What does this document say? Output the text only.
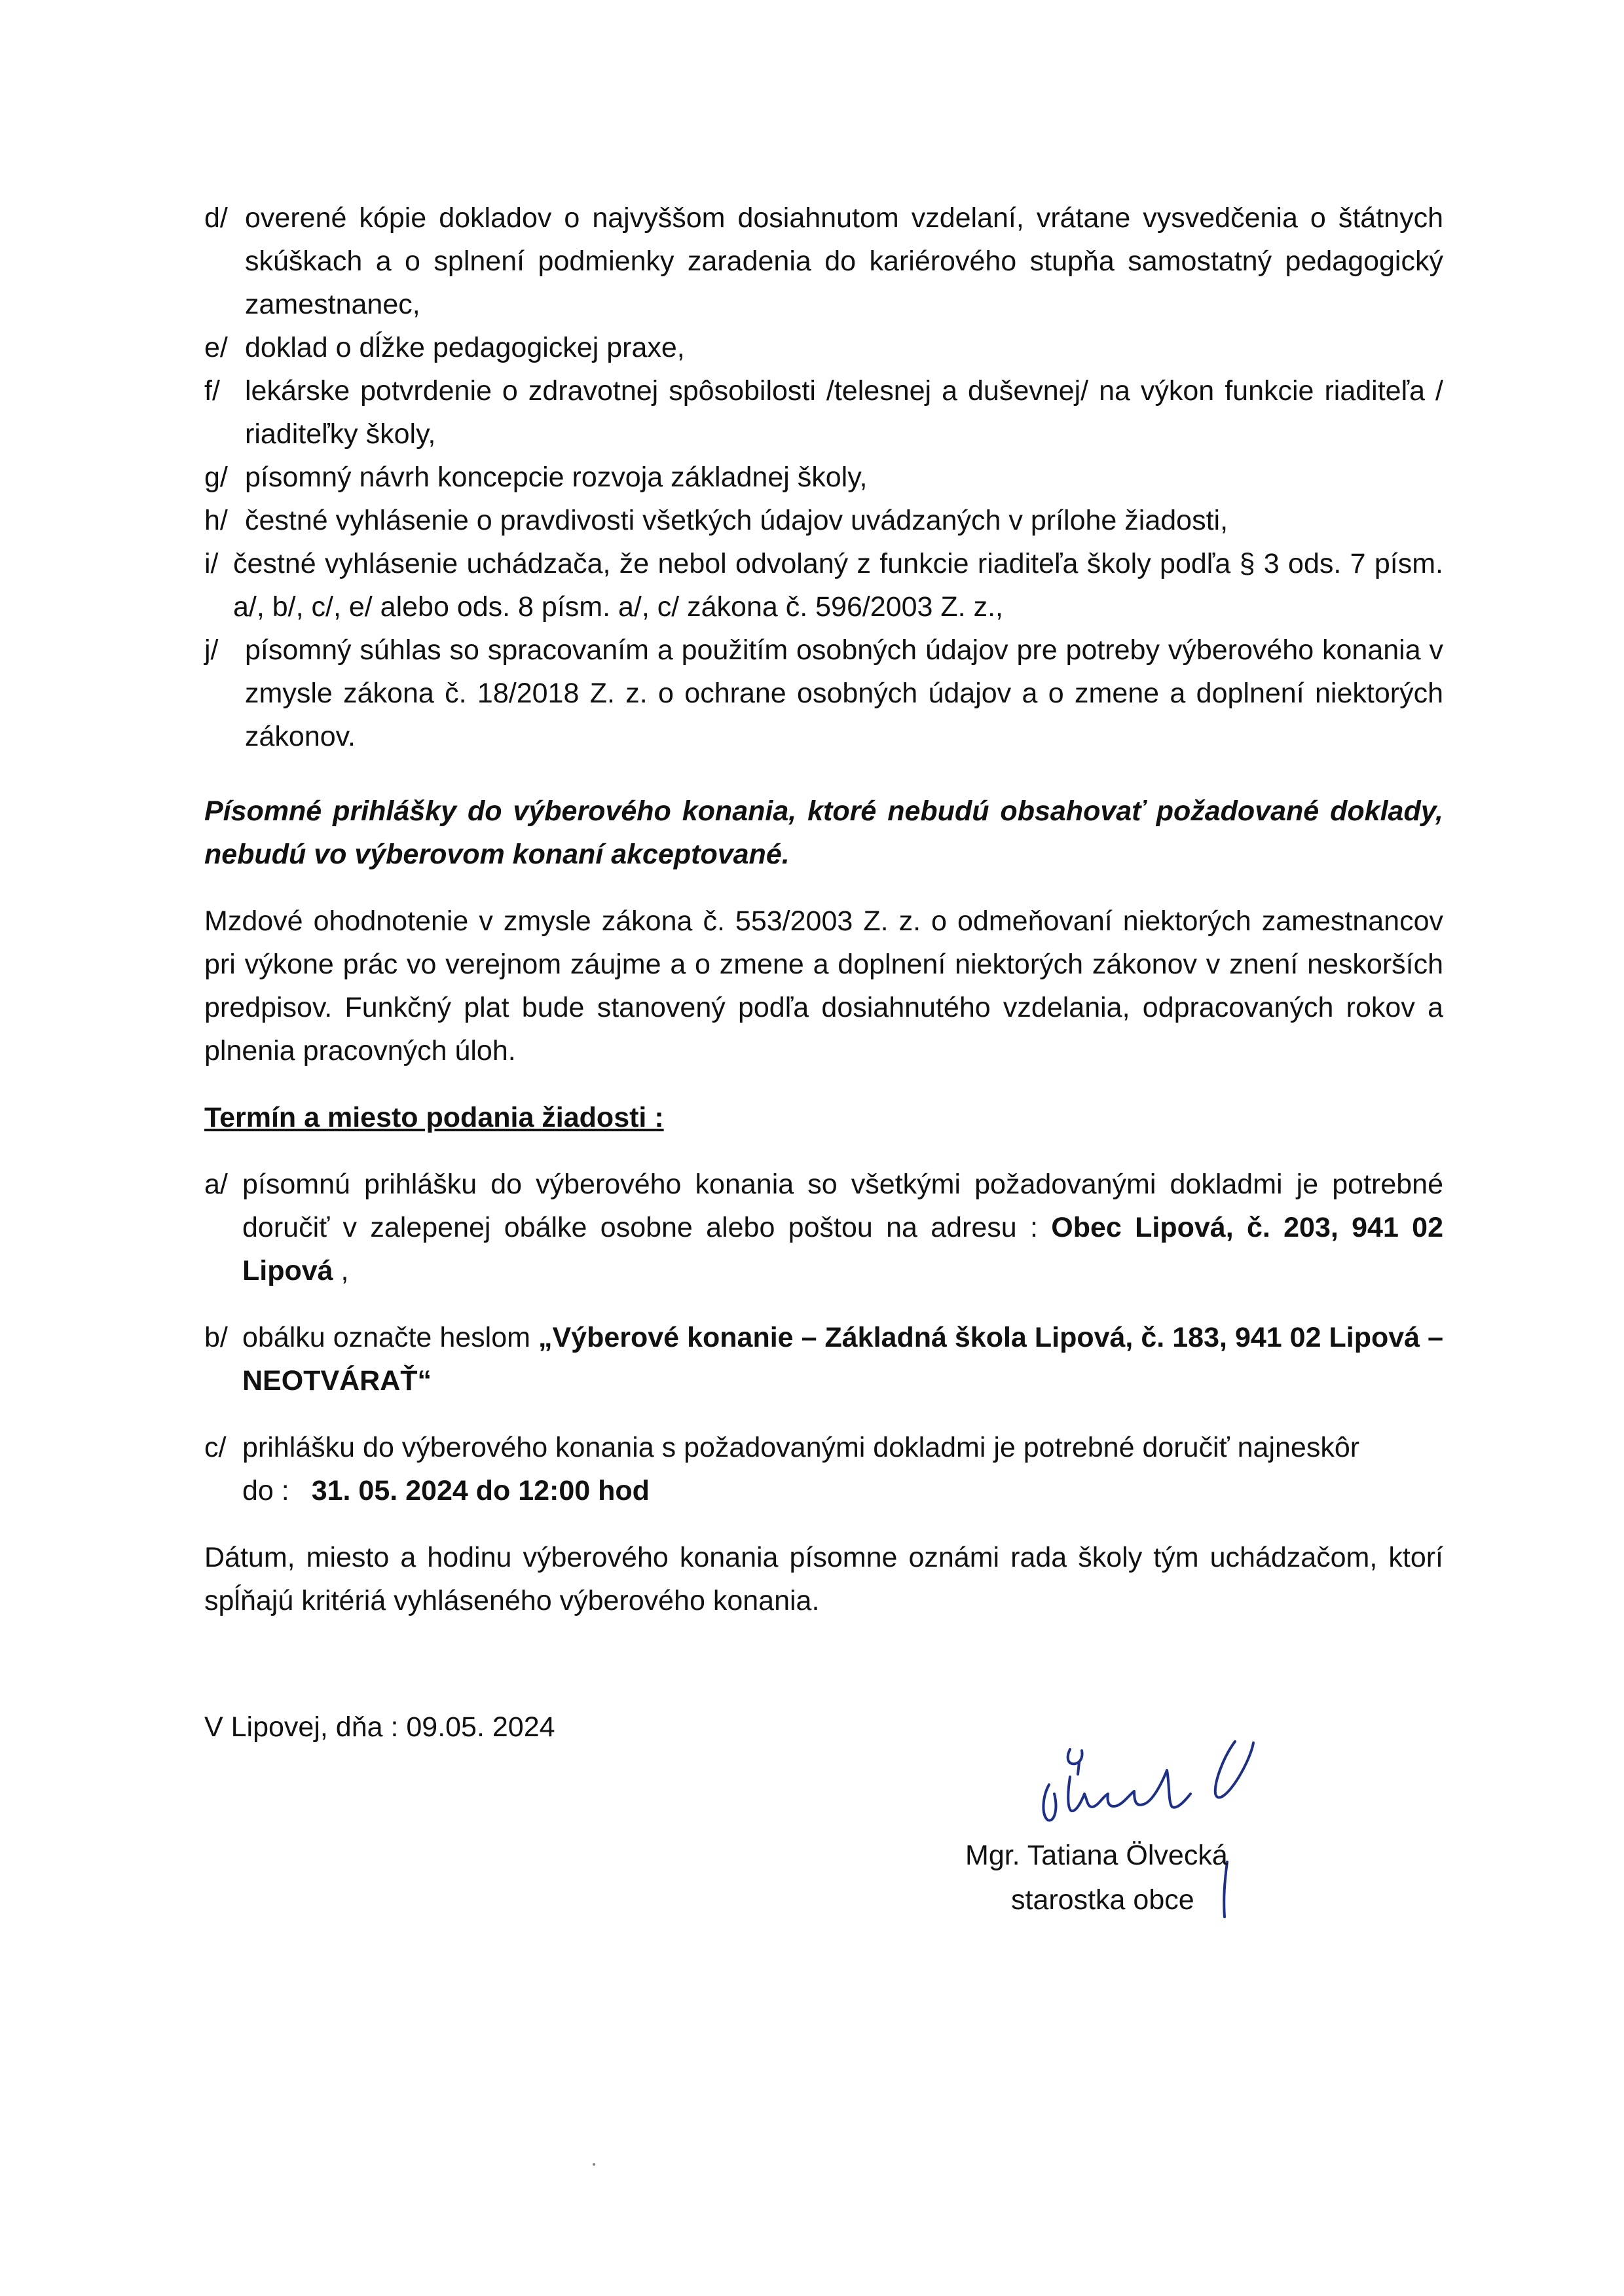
d/ overené kópie dokladov o najvyššom dosiahnutom vzdelaní, vrátane vysvedčenia o štátnych skúškach a o splnení podmienky zaradenia do kariérového stupňa samostatný pedagogický zamestnanec,
e/ doklad o dĺžke pedagogickej praxe,
f/ lekárske potvrdenie o zdravotnej spôsobilosti /telesnej a duševnej/ na výkon funkcie riaditeľa / riaditeľky školy,
g/ písomný návrh koncepcie rozvoja základnej školy,
h/ čestné vyhlásenie o pravdivosti všetkých údajov uvádzaných v prílohe žiadosti,
i/ čestné vyhlásenie uchádzača, že nebol odvolaný z funkcie riaditeľa školy podľa § 3 ods. 7 písm. a/, b/, c/, e/ alebo ods. 8 písm. a/, c/ zákona č. 596/2003 Z. z.,
j/ písomný súhlas so spracovaním a použitím osobných údajov pre potreby výberového konania v zmysle zákona č. 18/2018 Z. z. o ochrane osobných údajov a o zmene a doplnení niektorých zákonov.
Písomné prihlášky do výberového konania, ktoré nebudú obsahovať požadované doklady, nebudú vo výberovom konaní akceptované.
Mzdové ohodnotenie v zmysle zákona č. 553/2003 Z. z. o odmeňovaní niektorých zamestnancov pri výkone prác vo verejnom záujme a o zmene a doplnení niektorých zákonov v znení neskorších predpisov. Funkčný plat bude stanovený podľa dosiahnutého vzdelania, odpracovaných rokov a plnenia pracovných úloh.
Termín a miesto podania žiadosti :
a/ písomnú prihlášku do výberového konania so všetkými požadovanými dokladmi je potrebné doručiť v zalepenej obálke osobne alebo poštou na adresu : Obec Lipová, č. 203, 941 02 Lipová ,
b/ obálku označte heslom „Výberové konanie – Základná škola Lipová, č. 183, 941 02 Lipová – NEOTVÁRAŤ“
c/ prihlášku do výberového konania s požadovanými dokladmi je potrebné doručiť najneskôr
do : 31. 05. 2024 do 12:00 hod
Dátum, miesto a hodinu výberového konania písomne oznámi rada školy tým uchádzačom, ktorí spĺňajú kritériá vyhláseného výberového konania.
V Lipovej, dňa : 09.05. 2024
Mgr. Tatiana Ölvecká
starostka obce
